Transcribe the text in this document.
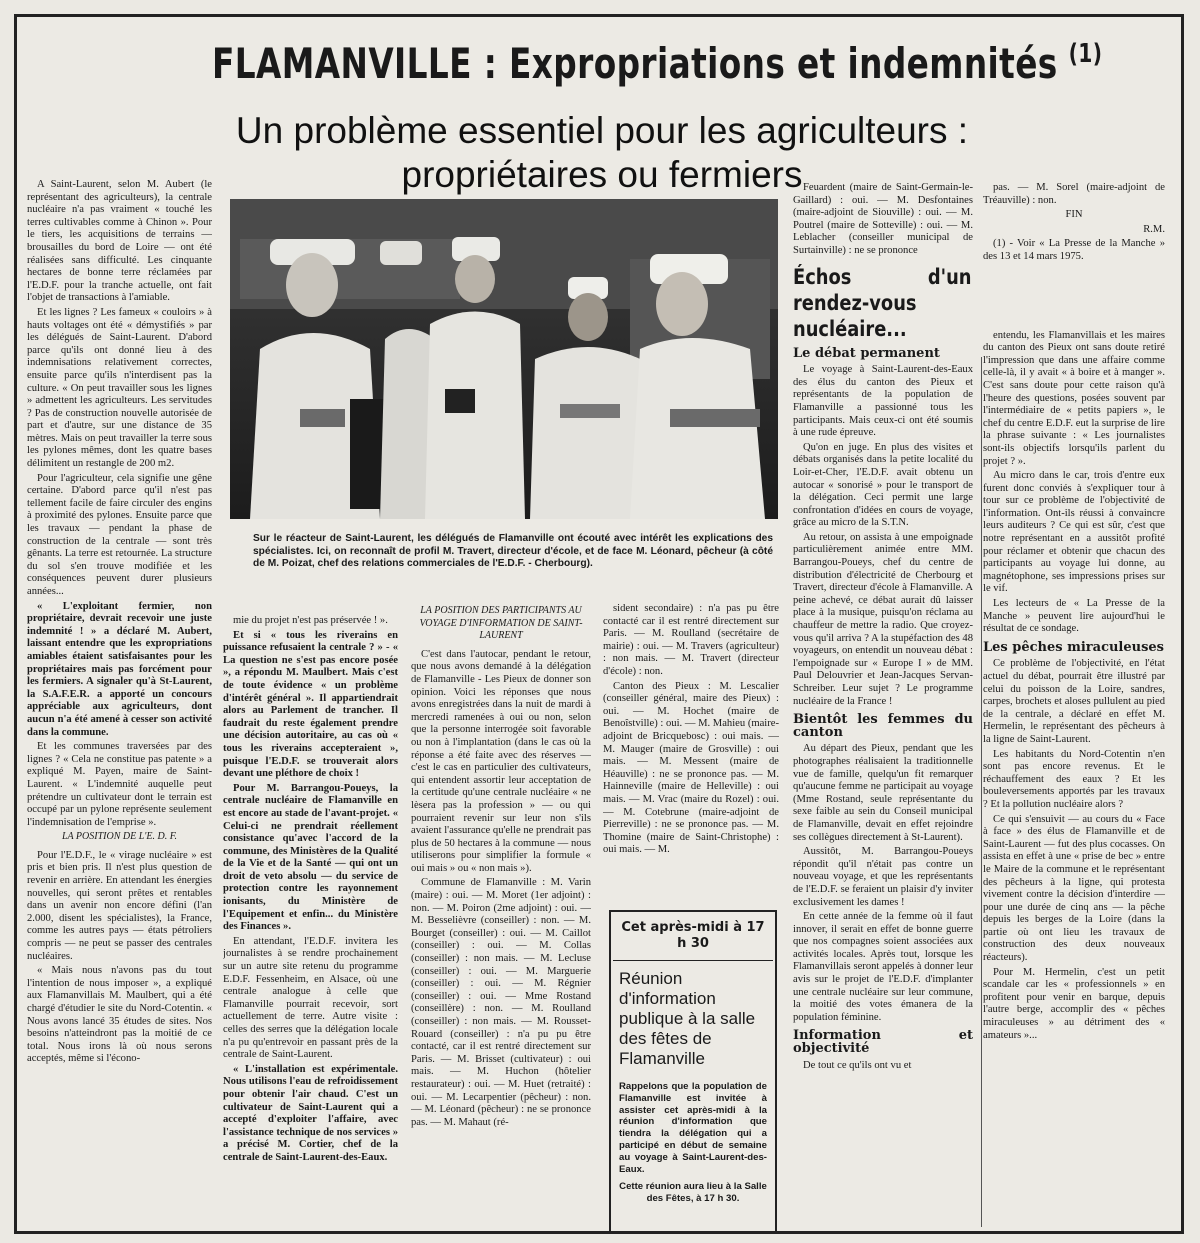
FLAMANVILLE : Expropriations et indemnités $^{(1)}$
Un problème essentiel pour les agriculteurs :
propriétaires ou fermiers
Sur le réacteur de Saint-Laurent, les délégués de Flamanville ont écouté avec intérêt les explications des spécialistes. Ici, on reconnaît de profil M. Travert, directeur d'école, et de face M. Léonard, pêcheur (à côté de M. Poizat, chef des relations commerciales de l'E.D.F. - Cherbourg).

A Saint-Laurent, selon M. Aubert (le représentant des agriculteurs), la centrale nucléaire n'a pas vraiment « touché les terres cultivables comme à Chinon ». Pour le tiers, les acquisitions de terrains — brousailles du bord de Loire — ont été réalisées sans difficulté. Les cinquante hectares de bonne terre réclamées par l'E.D.F. pour la tranche actuelle, ont fait l'objet de transactions à l'amiable.

Et les lignes ? Les fameux « couloirs » à hauts voltages ont été « démystifiés » par les délégués de Saint-Laurent. D'abord parce qu'ils ont donné lieu à des indemnisations relativement correctes, ensuite parce qu'ils n'interdisent pas la culture. « On peut travailler sous les lignes » admettent les agriculteurs. Les servitudes ? Pas de construction nouvelle autorisée de part et d'autre, sur une distance de 35 mètres. Mais on peut travailler la terre sous les pylones mêmes, dont les quatre bases délimitent un restangle de 200 m2.

Pour l'agriculteur, cela signifie une gêne certaine. D'abord parce qu'il n'est pas tellement facile de faire circuler des engins à proximité des pylones. Ensuite parce que les travaux — pendant la phase de construction de la centrale — sont très gênants. La terre est retournée. La structure du sol s'en trouve modifiée et les conséquences peuvent durer plusieurs années...

« L'exploitant fermier, non propriétaire, devrait recevoir une juste indemnité ! » a déclaré M. Aubert, laissant entendre que les expropriations amiables étaient satisfaisantes pour les propriétaires mais pas forcément pour les fermiers. A signaler qu'à St-Laurent, la S.A.F.E.R. a apporté un concours appréciable aux agriculteurs, dont aucun n'a été amené à cesser son activité dans la commune.

Et les communes traversées par des lignes ? « Cela ne constitue pas patente » a expliqué M. Payen, maire de Saint-Laurent. « L'indemnité auquelle peut prétendre un cultivateur dont le terrain est occupé par un pylone représente seulement l'indemnisation de l'emprise ».

LA POSITION DE L'E. D. F.

Pour l'E.D.F., le « virage nucléaire » est pris et bien pris. Il n'est plus question de revenir en arrière. En attendant les énergies nouvelles, qui seront prêtes et rentables dans un avenir non encore défini (l'an 2.000, disent les spécialistes), la France, comme les autres pays — états pétroliers compris — ne peut se passer des centrales nucléaires.

« Mais nous n'avons pas du tout l'intention de nous imposer », a expliqué aux Flamanvillais M. Maulbert, qui a été chargé d'étudier le site du Nord-Cotentin. « Nous avons lancé 35 études de sites. Nos besoins n'atteindront pas la moitié de ce total. Nous irons là où nous serons acceptés, même si l'écono-

mie du projet n'est pas préservée ! ».

Et si « tous les riverains en puissance refusaient la centrale ? » - « La question ne s'est pas encore posée », a répondu M. Maulbert. Mais c'est de toute évidence « un problème d'intérêt général ». Il appartiendrait alors au Parlement de trancher. Il faudrait du reste également prendre une décision autoritaire, au cas où « tous les riverains accepteraient », puisque l'E.D.F. se trouverait alors devant une pléthore de choix !

Pour M. Barrangou-Poueys, la centrale nucléaire de Flamanville en est encore au stade de l'avant-projet. « Celui-ci ne prendrait réellement consistance qu'avec l'accord de la commune, des Ministères de la Qualité de la Vie et de la Santé — qui ont un droit de veto absolu — du service de protection contre les rayonnement ionisants, du Ministère de l'Equipement et enfin... du Ministère des Finances ».

En attendant, l'E.D.F. invitera les journalistes à se rendre prochainement sur un autre site retenu du programme E.D.F. Fessenheim, en Alsace, où une centrale analogue à celle que Flamanville pourrait recevoir, sort actuellement de terre. Autre visite : celles des serres que la délégation locale n'a pu qu'entrevoir en passant près de la centrale de Saint-Laurent.

« L'installation est expérimentale. Nous utilisons l'eau de refroidissement pour obtenir l'air chaud. C'est un cultivateur de Saint-Laurent qui a accepté d'exploiter l'affaire, avec l'assistance technique de nos services » a précisé M. Cortier, chef de la centrale de Saint-Laurent-des-Eaux.

LA POSITION DES PARTICIPANTS AU VOYAGE D'INFORMATION DE SAINT-LAURENT

C'est dans l'autocar, pendant le retour, que nous avons demandé à la délégation de Flamanville - Les Pieux de donner son opinion. Voici les réponses que nous avons enregistrées dans la nuit de mardi à mercredi ramenées à oui ou non, selon que la personne interrogée soit favorable ou non à l'implantation (dans le cas où la réponse a été faite avec des réserves — c'est le cas en particulier des cultivateurs, qui entendent assortir leur acceptation de la certitude qu'une centrale nucléaire « ne lèsera pas la profession » — ou qui pourraient revenir sur leur non s'ils avaient l'assurance qu'elle ne prendrait pas plus de 50 hectares à la commune — nous utiliserons pour simplifier la formule « oui mais » ou « non mais »).

Commune de Flamanville : M. Varin (maire) : oui. — M. Moret (1er adjoint) : non. — M. Poiron (2me adjoint) : oui. — M. Besselièvre (conseiller) : non. — M. Bourget (conseiller) : oui. — M. Caillot (conseiller) : oui. — M. Collas (conseiller) : non mais. — M. Lecluse (conseiller) : oui. — M. Marguerie (conseiller) : oui. — M. Régnier (conseiller) : oui. — Mme Rostand (conseillère) : non. — M. Roulland (conseiller) : non mais. — M. Rousset-Rouard (conseiller) : n'a pu pu être contacté, car il est rentré directement sur Paris. — M. Brisset (cultivateur) : oui mais. — M. Huchon (hôtelier restaurateur) : oui. — M. Huet (retraité) : oui. — M. Lecarpentier (pêcheur) : non. — M. Léonard (pêcheur) : ne se prononce pas. — M. Mahaut (ré-

sident secondaire) : n'a pas pu être contacté car il est rentré directement sur Paris. — M. Roulland (secrétaire de mairie) : oui. — M. Travers (agriculteur) : non mais. — M. Travert (directeur d'école) : non.

Canton des Pieux : M. Lescalier (conseiller général, maire des Pieux) : oui. — M. Hochet (maire de Benoîstville) : oui. — M. Mahieu (maire-adjoint de Bricquebosc) : oui mais. — M. Mauger (maire de Grosville) : oui mais. — M. Messent (maire de Héauville) : ne se prononce pas. — M. Hainneville (maire de Helleville) : oui mais. — M. Vrac (maire du Rozel) : oui. — M. Cotebrune (maire-adjoint de Pierreville) : ne se prononce pas. — M. Thomine (maire de Saint-Christophe) : oui mais. — M.

Cet après-midi à 17 h 30
Réunion d'information publique à la salle des fêtes de Flamanville
Rappelons que la population de Flamanville est invitée à assister cet après-midi à la réunion d'information que tiendra la délégation qui a participé en début de semaine au voyage à Saint-Laurent-des-Eaux.
Cette réunion aura lieu à la Salle des Fêtes, à 17 h 30.

Feuardent (maire de Saint-Germain-le-Gaillard) : oui. — M. Desfontaines (maire-adjoint de Siouville) : oui. — M. Poutrel (maire de Sotteville) : oui. — M. Leblacher (conseiller municipal de Surtainville) : ne se prononce

Échos d'un rendez-vous nucléaire...
Le débat permanent

Le voyage à Saint-Laurent-des-Eaux des élus du canton des Pieux et représentants de la population de Flamanville a passionné tous les participants. Mais ceux-ci ont été soumis à une rude épreuve.

Qu'on en juge. En plus des visites et débats organisés dans la petite localité du Loir-et-Cher, l'E.D.F. avait obtenu un autocar « sonorisé » pour le transport de la délégation. Ceci permit une large confrontation d'idées en cours de voyage, grâce au micro de la S.T.N.

Au retour, on assista à une empoignade particulièrement animée entre MM. Barrangou-Poueys, chef du centre de distribution d'électricité de Cherbourg et Travert, directeur d'école à Flamanville. A peine achevé, ce débat aurait dû laisser place à la musique, puisqu'on réclama au chauffeur de mettre la radio. Que croyez-vous qu'il arriva ? A la stupéfaction des 48 voyageurs, on entendit un nouveau débat : l'empoignade sur « Europe I » de MM. Paul Delouvrier et Jean-Jacques Servan-Schreiber. Leur sujet ? Le programme nucléaire de la France !

Bientôt les femmes du canton

Au départ des Pieux, pendant que les photographes réalisaient la traditionnelle vue de famille, quelqu'un fit remarquer qu'aucune femme ne participait au voyage (Mme Rostand, seule représentante du sexe faible au sein du Conseil municipal de Flamanville, devait en effet rejoindre ses collègues directement à St-Laurent).

Aussitôt, M. Barrangou-Poueys répondit qu'il n'était pas contre un nouveau voyage, et que les représentants de l'E.D.F. se feraient un plaisir d'y inviter exclusivement les dames !

En cette année de la femme où il faut innover, il serait en effet de bonne guerre que nos compagnes soient associées aux activités locales. Après tout, lorsque les Flamanvillais seront appelés à donner leur avis sur le projet de l'E.D.F. d'implanter une centrale nucléaire sur leur commune, la moitié des votes émanera de la population féminine.

Information et objectivité

De tout ce qu'ils ont vu et

pas. — M. Sorel (maire-adjoint de Tréauville) : non.

FIN

R.M.

(1) - Voir « La Presse de la Manche » des 13 et 14 mars 1975.

entendu, les Flamanvillais et les maires du canton des Pieux ont sans doute retiré l'impression que dans une affaire comme celle-là, il y avait « à boire et à manger ». C'est sans doute pour cette raison qu'à l'heure des questions, posées souvent par l'intermédiaire de « petits papiers », le chef du centre E.D.F. eut la surprise de lire la phrase suivante : « Les journalistes sont-ils objectifs lorsqu'ils parlent du projet ? ».

Au micro dans le car, trois d'entre eux furent donc conviés à s'expliquer tour à tour sur ce problème de l'objectivité de l'information. Ont-ils réussi à convaincre leurs auditeurs ? Ce qui est sûr, c'est que notre représentant en a aussitôt profité pour réclamer et obtenir que chacun des participants au voyage lui donne, au magnétophone, ses impressions prises sur le vif.

Les lecteurs de « La Presse de la Manche » peuvent lire aujourd'hui le résultat de ce sondage.

Les pêches miraculeuses

Ce problème de l'objectivité, en l'état actuel du débat, pourrait être illustré par celui du poisson de la Loire, sandres, carpes, brochets et aloses pullulent au pied de la centrale, a déclaré en effet M. Hermelin, le représentant des pêcheurs à la ligne de Saint-Laurent.

Les habitants du Nord-Cotentin n'en sont pas encore revenus. Et le réchauffement des eaux ? Et les bouleversements apportés par les travaux ? Et la pollution nucléaire alors ?

Ce qui s'ensuivit — au cours du « Face à face » des élus de Flamanville et de Saint-Laurent — fut des plus cocasses. On assista en effet à une « prise de bec » entre le Maire de la commune et le représentant des pêcheurs à la ligne, qui protesta vivement contre la décision d'interdire — pour une durée de cinq ans — la pêche depuis les berges de la Loire (dans la partie où ont lieu les travaux de construction des deux nouveaux réacteurs).

Pour M. Hermelin, c'est un petit scandale car les « professionnels » en profitent pour venir en barque, depuis l'autre berge, accomplir des « pêches miraculeuses » au détriment des « amateurs »...
